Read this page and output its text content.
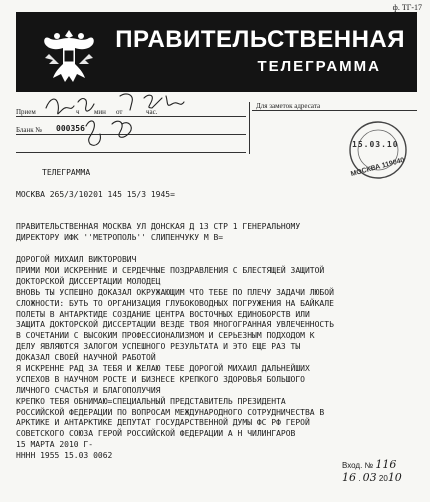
ф. ТГ-17
ПРАВИТЕЛЬСТВЕННАЯ
ТЕЛЕГРАММА
Прием	ч мин от	час.
Бланк № 000356
Для заметок адресата
15.03.10
МОСКВА 119040
ТЕЛЕГРАММА
МОСКВА 265/3/10201 145 15/3 1945=
ПРАВИТЕЛЬСТВЕННАЯ МОСКВА УЛ ДОНСКАЯ Д 13 СТР 1 ГЕНЕРАЛЬНОМУ
ДИРЕКТОРУ ИФК ''МЕТРОПОЛЬ'' СЛИПЕНЧУКУ М В=
ДОРОГОЙ МИХАИЛ ВИКТОРОВИЧ
ПРИМИ МОИ ИСКРЕННИЕ И СЕРДЕЧНЫЕ ПОЗДРАВЛЕНИЯ С БЛЕСТЯЩЕЙ ЗАЩИТОЙ
ДОКТОРСКОЙ ДИССЕРТАЦИИ МОЛОДЕЦ
ВНОВЬ ТЫ УСПЕШНО ДОКАЗАЛ ОКРУЖАЮЩИМ ЧТО ТЕБЕ ПО ПЛЕЧУ ЗАДАЧИ ЛЮБОЙ
СЛОЖНОСТИ: БУТЬ ТО ОРГАНИЗАЦИЯ ГЛУБОКОВОДНЫХ ПОГРУЖЕНИЯ НА БАЙКАЛЕ
ПОЛЕТЫ В АНТАРКТИДЕ СОЗДАНИЕ ЦЕНТРА ВОСТОЧНЫХ ЕДИНОБОРСТВ ИЛИ
ЗАЩИТА ДОКТОРСКОЙ ДИССЕРТАЦИИ ВЕЗДЕ ТВОЯ МНОГОГРАННАЯ УВЛЕЧЕННОСТЬ
В СОЧЕТАНИИ С ВЫСОКИМ ПРОФЕССИОНАЛИЗМОМ И СЕРЬЕЗНЫМ ПОДХОДОМ К
ДЕЛУ ЯВЛЯЮТСЯ ЗАЛОГОМ УСПЕШНОГО РЕЗУЛЬТАТА И ЭТО ЕЩЕ РАЗ ТЫ
ДОКАЗАЛ СВОЕЙ НАУЧНОЙ РАБОТОЙ
Я ИСКРЕННЕ РАД ЗА ТЕБЯ И ЖЕЛАЮ ТЕБЕ ДОРОГОЙ МИХАИЛ ДАЛЬНЕЙШИХ
УСПЕХОВ В НАУЧНОМ РОСТЕ И БИЗНЕСЕ КРЕПКОГО ЗДОРОВЬЯ БОЛЬШОГО
ЛИЧНОГО СЧАСТЬЯ И БЛАГОПОЛУЧИЯ
КРЕПКО ТЕБЯ ОБНИМАЮ=СПЕЦИАЛЬНЫЙ ПРЕДСТАВИТЕЛЬ ПРЕЗИДЕНТА
РОССИЙСКОЙ ФЕДЕРАЦИИ ПО ВОПРОСАМ МЕЖДУНАРОДНОГО СОТРУДНИЧЕСТВА В
АРКТИКЕ И АНТАРКТИКЕ ДЕПУТАТ ГОСУДАРСТВЕННОЙ ДУМЫ ФС РФ ГЕРОЙ
СОВЕТСКОГО СОЮЗА ГЕРОЙ РОССИЙСКОЙ ФЕДЕРАЦИИ А Н ЧИЛИНГАРОВ
15 МАРТА 2010 Г-
НННН 1955 15.03 0062
Вход. № 116
16 . 03 2010
